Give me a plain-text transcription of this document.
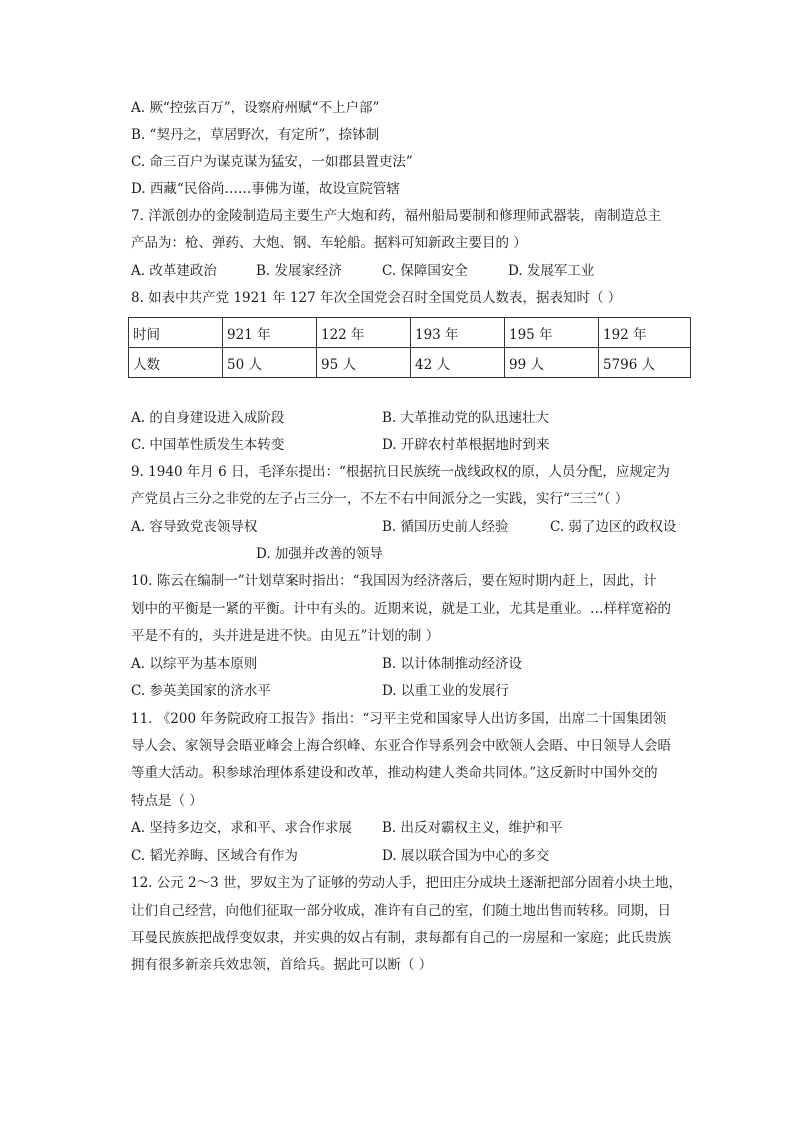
A. 厥“控弦百万”，设察府州赋“不上户部”
B. “契丹之，草居野次，有定所”，捺钵制
C. 命三百户为谋克谋为猛安，一如郡县置吏法”
D. 西藏“民俗尚……事佛为谨，故设宣院管辖
7. 洋派创办的金陵制造局主要生产大炮和药，福州船局要制和修理师武器装，南制造总主
产品为：枪、弹药、大炮、钢、车轮船。据料可知新政主要目的 ）
A. 改革建政治	B. 发展家经济	C. 保障国安全	D. 发展军工业
8. 如表中共产党 1921 年 127 年次全国党会召时全国党员人数表，据表知时（ ）
时间	921 年	122 年	193 年	195 年	192 年
人数	50 人	95 人	42 人	99 人	5796 人
A. 的自身建设进入成阶段	B. 大革推动党的队迅速壮大
C. 中国革性质发生本转变	D. 开辟农村革根据地时到来
9. 1940 年月 6 日，毛泽东提出：“根据抗日民族统一战线政权的原，人员分配，应规定为
产党员占三分之非党的左子占三分一，不左不右中间派分之一实践，实行“三三”（ ）
A. 容导致党丧领导权	B. 循国历史前人经验	C. 弱了边区的政权设
D. 加强并改善的领导
10. 陈云在编制一”计划草案时指出：“我国因为经济落后，要在短时期内赶上，因此，计
划中的平衡是一紧的平衡。计中有头的。近期来说，就是工业，尤其是重业。…样样宽裕的
平是不有的，头并进是进不快。由见五”计划的制 ）
A. 以综平为基本原则	B. 以计体制推动经济设
C. 参英美国家的济水平	D. 以重工业的发展行
11. 《200 年务院政府工报告》指出：“习平主党和国家导人出访多国，出席二十国集团领
导人会、家领导会晤亚峰会上海合织峰、东亚合作导系列会中欧领人会晤、中日领导人会晤
等重大活动。积参球治理体系建设和改革，推动构建人类命共同体。”这反新时中国外交的
特点是（ ）
A. 坚持多边交，求和平、求合作求展 B. 出反对霸权主义，维护和平
C. 韬光养晦、区域合有作为	D. 展以联合国为中心的多交
12. 公元 2～3 世，罗奴主为了证够的劳动人手，把田庄分成块土逐渐把部分固着小块土地，
让们自己经营，向他们征取一部分收成，准许有自己的室，们随土地出售而转移。同期，日
耳曼民族族把战俘变奴隶，并实典的奴占有制，隶每都有自己的一房屋和一家庭；此氏贵族
拥有很多新亲兵效忠领，首给兵。据此可以断（ ）
